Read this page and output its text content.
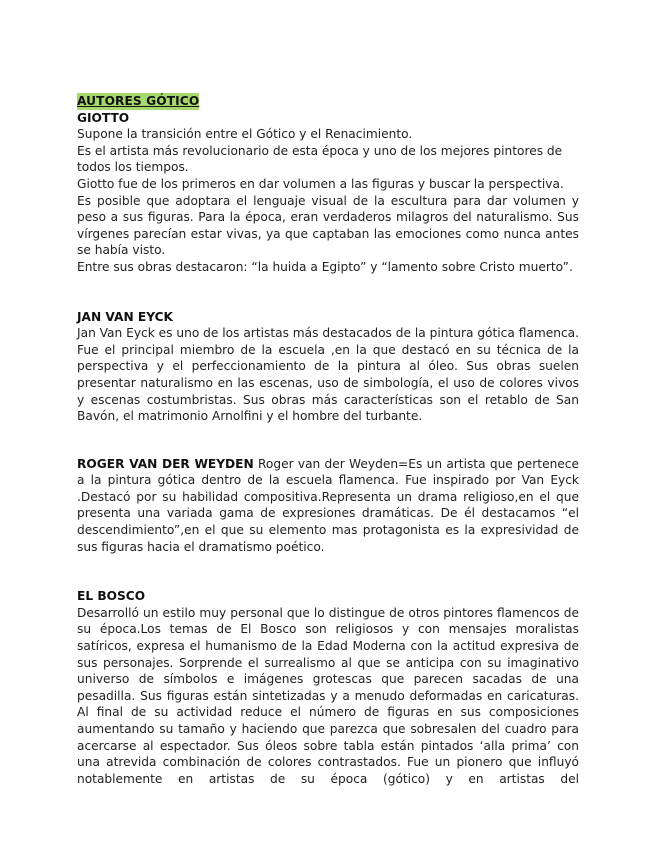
AUTORES GÓTICO
GIOTTO

Supone la transición entre el Gótico y el Renacimiento.

Es el artista más revolucionario de esta época y uno de los mejores pintores de todos los tiempos.

Giotto fue de los primeros en dar volumen a las figuras y buscar la perspectiva.

Es posible que adoptara el lenguaje visual de la escultura para dar volumen y peso a sus figuras. Para la época, eran verdaderos milagros del naturalismo. Sus vírgenes parecían estar vivas, ya que captaban las emociones como nunca antes se había visto.

Entre sus obras destacaron: “la huida a Egipto” y “lamento sobre Cristo muerto”.

JAN VAN EYCK

Jan Van Eyck es uno de los artistas más destacados de la pintura gótica flamenca. Fue el principal miembro de la escuela ,en la que destacó en su técnica de la perspectiva y el perfeccionamiento de la pintura al óleo. Sus obras suelen presentar naturalismo en las escenas, uso de simbología, el uso de colores vivos y escenas costumbristas. Sus obras más características son el retablo de San Bavón, el matrimonio Arnolfini y el hombre del turbante.

ROGER VAN DER WEYDEN Roger van der Weyden=Es un artista que pertenece a la pintura gótica dentro de la escuela flamenca. Fue inspirado por Van Eyck .Destacó por su habilidad compositiva.Representa un drama religioso,en el que presenta una variada gama de expresiones dramáticas. De él destacamos “el descendimiento”,en el que su elemento mas protagonista es la expresividad de sus figuras hacia el dramatismo poético.

EL BOSCO

Desarrolló un estilo muy personal que lo distingue de otros pintores flamencos de su época.Los temas de El Bosco son religiosos y con mensajes moralistas satíricos, expresa el humanismo de la Edad Moderna con la actitud expresiva de sus personajes. Sorprende el surrealismo al que se anticipa con su imaginativo universo de símbolos e imágenes grotescas que parecen sacadas de una pesadilla. Sus figuras están sintetizadas y a menudo deformadas en caricaturas. Al final de su actividad reduce el número de figuras en sus composiciones aumentando su tamaño y haciendo que parezca que sobresalen del cuadro para acercarse al espectador. Sus óleos sobre tabla están pintados ‘alla prima’ con una atrevida combinación de colores contrastados. Fue un pionero que influyó notablemente en artistas de su época (gótico) y en artistas del
